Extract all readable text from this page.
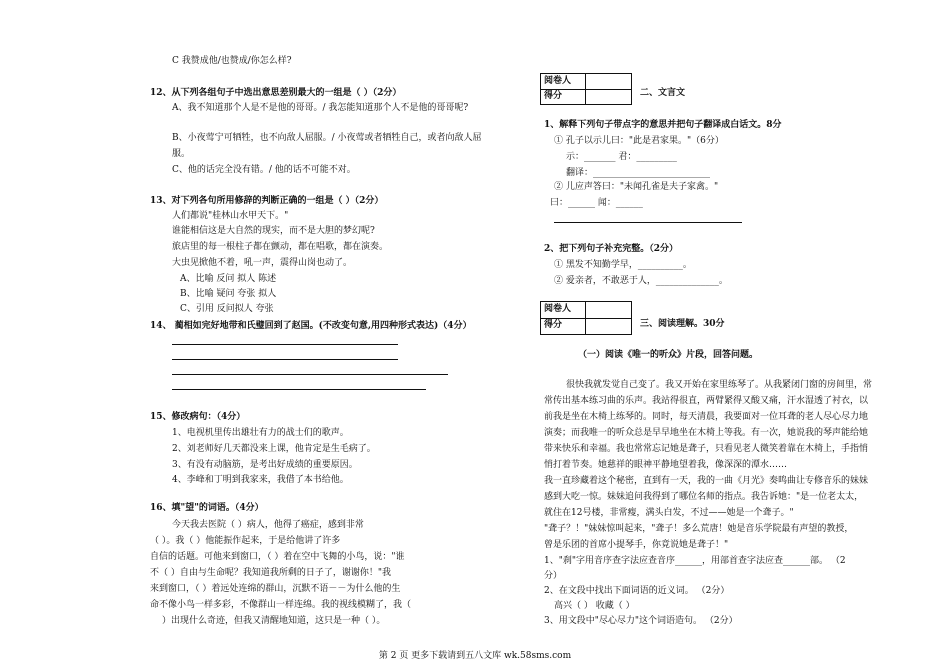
C 我赞成他/也赞成/你怎么样?
12、从下列各组句子中选出意思差别最大的一组是（ ）（2分）
A、我不知道那个人是不是他的哥哥。/ 我怎能知道那个人不是他的哥哥呢?
B、小夜莺宁可牺牲，也不向敌人屈服。/ 小夜莺或者牺牲自己，或者向敌人屈
服。
C、他的话完全没有错。/ 他的话不可能不对。
13、对下列各句所用修辞的判断正确的一组是（ ）（2分）
人们都说"桂林山水甲天下。"
谁能相信这是大自然的现实，而不是大胆的梦幻呢?
旅店里的每一根柱子都在颤动，都在唱歌，都在演奏。
大虫见掀他不着，吼一声，震得山岗也动了。
A、比喻 反问 拟人 陈述
B、比喻 疑问 夸张 拟人
C、引用 反问拟人 夸张
14、 蔺相如完好地带和氏璧回到了赵国。(不改变句意,用四种形式表达)（4分）
15、修改病句：（4分）
1、电视机里传出雄壮有力的战士们的歌声。
2、刘老师好几天都没来上课，他肯定是生毛病了。
3、有没有动脑筋，是考出好成绩的重要原因。
4、李峰和丁明到我家来，我借了本书给他。
16、填"望"的词语。（4分）
今天我去医院（ ）病人，他得了癌症，感到非常
（ ）。我（ ）他能振作起来，于是给他讲了许多
自信的话题。可他来到窗口，（ ）着在空中飞舞的小鸟，说："谁
不（ ）自由与生命呢？我知道我所剩的日子了，谢谢你！"我
来到窗口，（ ）着远处连绵的群山，沉默不语－－为什么他的生
命不像小鸟一样多彩，不像群山一样连绵。我的视线模糊了，我（
）出现什么奇迹，但我又清醒地知道，这只是一种（ ）。
阅卷人
得分	二、文言文
1、解释下列句子带点字的意思并把句子翻译成白话文。8分
① 孔子以示儿曰："此是君家果。"（6分）
示：_______ 君：_________
翻译：__________________________
② 儿应声答曰："未闻孔雀是夫子家禽。"
曰：______ 闻：______
2、把下列句子补充完整。（2分）
① 黑发不知勤学早，__________。
② 爱亲者，不敢恶于人，______________。
阅卷人
得分	三、阅读理解。30分
（一）阅读《唯一的听众》片段，回答问题。
很快我就发觉自己变了。我又开始在家里练琴了。从我紧闭门窗的房间里，常
常传出基本练习曲的乐声。我站得很直，两臂紧得又酸又痛，汗水湿透了衬衣，以
前我是坐在木椅上练琴的。同时，每天清晨，我要面对一位耳聋的老人尽心尽力地
演奏；而我唯一的听众总是早早地坐在木椅上等我。有一次，她说我的琴声能给她
带来快乐和幸福。我也常常忘记她是聋子，只看见老人微笑着靠在木椅上，手指悄
悄打着节奏。她慈祥的眼神平静地望着我，像深深的潭水……
我一直珍藏着这个秘密，直到有一天，我的一曲《月光》奏鸣曲让专修音乐的妹妹
感到大吃一惊。妹妹追问我得到了哪位名师的指点。我告诉她："是一位老太太，
就住在12号楼，非常瘦，满头白发，不过——她是一个聋子。"
"聋子？！"妹妹惊叫起来，"聋子！多么荒唐！她是音乐学院最有声望的教授，
曾是乐团的首席小提琴手，你竟说她是聋子！"
1、"刹"字用音序查字法应查音序______，用部首查字法应查______部。 （2
分）
2、在文段中找出下面词语的近义词。 （2分）
高兴（ ） 收藏（ ）
3、用文段中"尽心尽力"这个词语造句。 （2分）
第 2 页 更多下载请到五八文库 wk.58sms.com
